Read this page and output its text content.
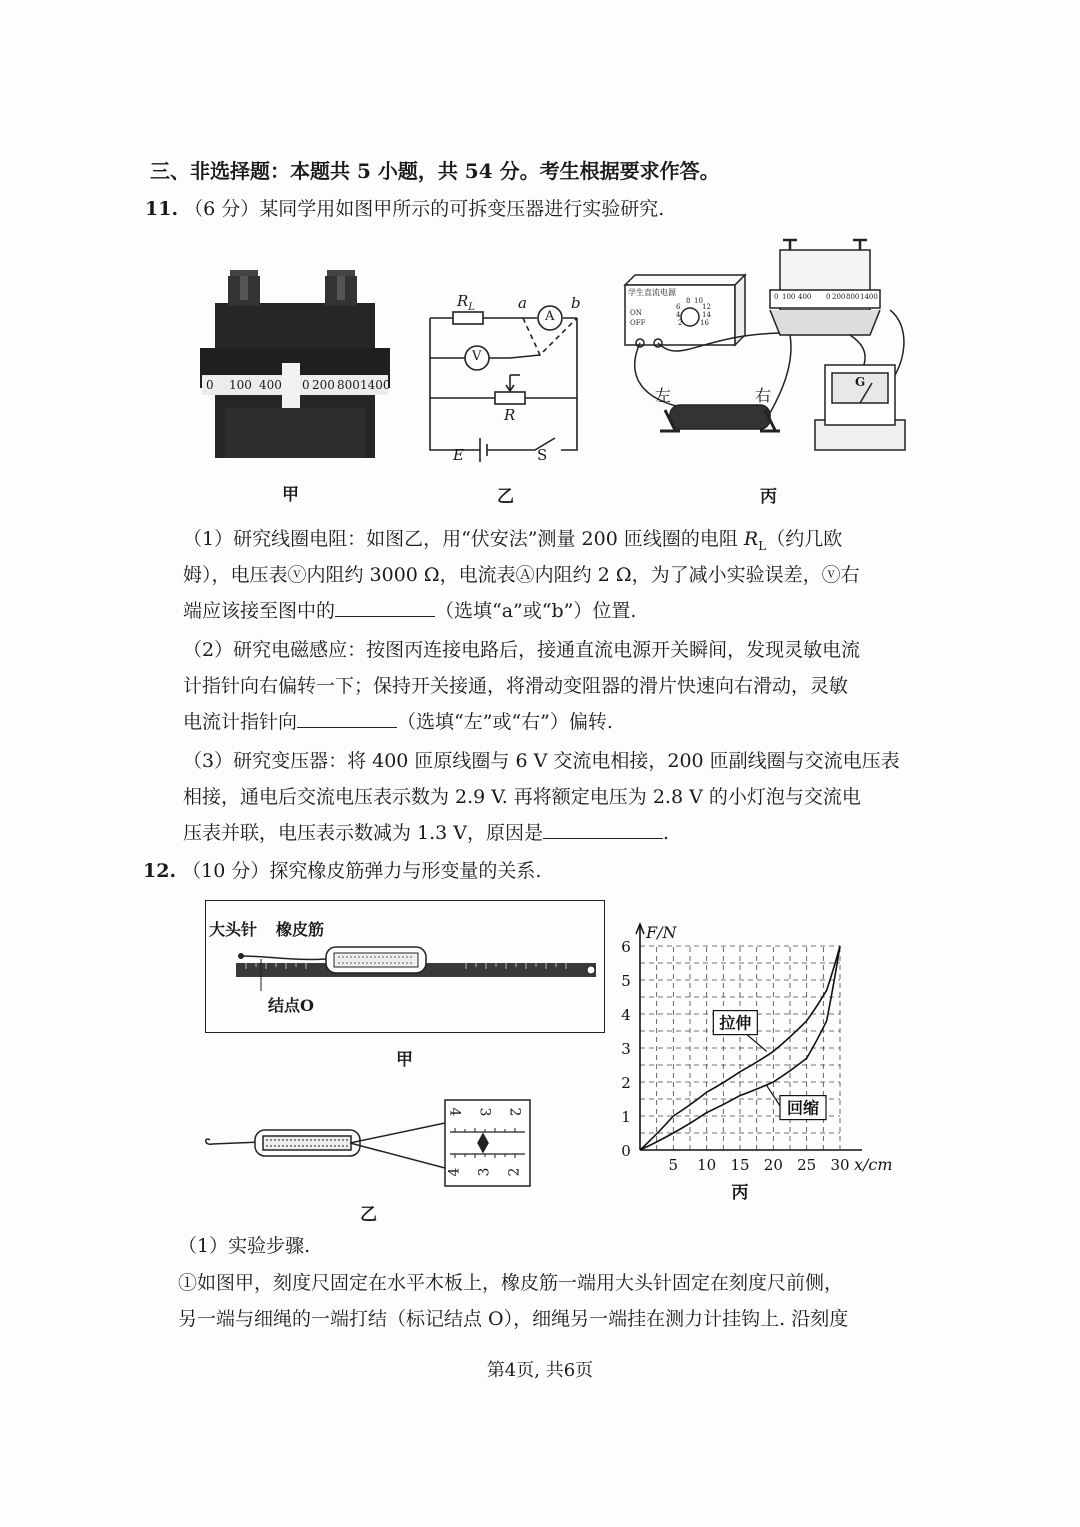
三、非选择题：本题共 5 小题，共 54 分。考生根据要求作答。
11. （6 分）某同学用如图甲所示的可拆变压器进行实验研究.
0 100 400 0 200 800 1400
甲
$R_L$	a	b
A
V
R
E	S
乙
学生直流电源
ON
OFF	2
4
6
8 10
12
14
16
0 100 400 0 200 800 1400
左	右
G
丙
（1）研究线圈电阻：如图乙，用“伏安法”测量 200 匝线圈的电阻 $R_L$（约几欧
姆），电压表ⓥ内阻约 3000 Ω，电流表Ⓐ内阻约 2 Ω，为了减小实验误差，ⓥ右
端应该接至图中的	（选填“a”或“b”）位置.
（2）研究电磁感应：按图丙连接电路后，接通直流电源开关瞬间，发现灵敏电流
计指针向右偏转一下；保持开关接通，将滑动变阻器的滑片快速向右滑动，灵敏
电流计指针向	（选填“左”或“右”）偏转.
（3）研究变压器：将 400 匝原线圈与 6 V 交流电相接，200 匝副线圈与交流电压表
相接，通电后交流电压表示数为 2.9 V. 再将额定电压为 2.8 V 的小灯泡与交流电
压表并联，电压表示数减为 1.3 V，原因是	.
12. （10 分）探究橡皮筋弹力与形变量的关系.
大头针 橡皮筋
结点O
甲
4 3 2
4 3 2
乙
0
1
2
3
4
5
6
5 10 15 20 25 30
F/N
x/cm
拉伸
回缩
丙
（1）实验步骤.
①如图甲，刻度尺固定在水平木板上，橡皮筋一端用大头针固定在刻度尺前侧，
另一端与细绳的一端打结（标记结点 O），细绳另一端挂在测力计挂钩上. 沿刻度
第4页, 共6页
